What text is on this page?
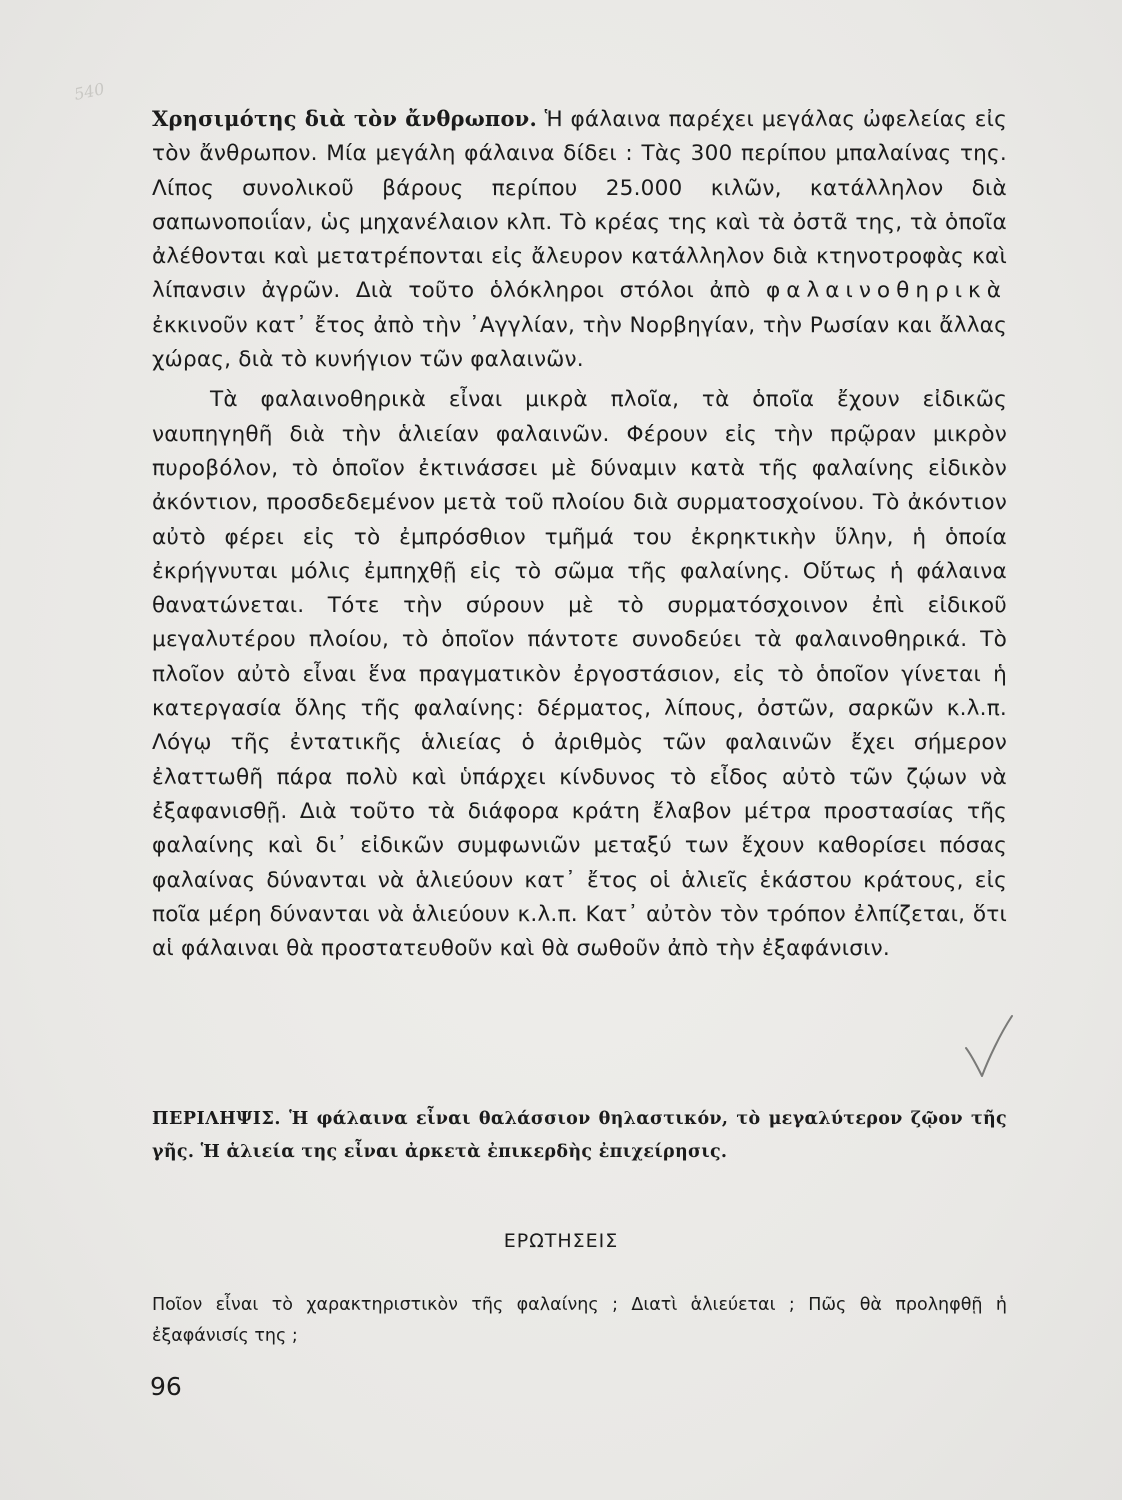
540

Χρησιμότης διὰ τὸν ἄνθρωπον. Ἡ φάλαινα παρέχει μεγάλας ὠφελείας εἰς τὸν ἄνθρωπον. Μία μεγάλη φάλαινα δίδει : Τὰς 300 περίπου μπαλαίνας της. Λίπος συνολικοῦ βάρους περίπου 25.000 κιλῶν, κατάλληλον διὰ σαπωνοποιΐαν, ὡς μηχανέλαιον κλπ. Τὸ κρέας της καὶ τὰ ὀστᾶ της, τὰ ὁποῖα ἀλέθονται καὶ μετατρέπονται εἰς ἄλευρον κατάλληλον διὰ κτηνοτροφὰς καὶ λίπανσιν ἀγρῶν. Διὰ τοῦτο ὁλόκληροι στόλοι ἀπὸ φαλαινοθηρικὰ ἐκκινοῦν κατ᾽ ἔτος ἀπὸ τὴν ᾿Αγγλίαν, τὴν Νορβηγίαν, τὴν Ρωσίαν και ἄλλας χώρας, διὰ τὸ κυνήγιον τῶν φαλαινῶν.

Τὰ φαλαινοθηρικὰ εἶναι μικρὰ πλοῖα, τὰ ὁποῖα ἔχουν εἰδικῶς ναυπηγηθῆ διὰ τὴν ἁλιείαν φαλαινῶν. Φέρουν εἰς τὴν πρῷραν μικρὸν πυροβόλον, τὸ ὁποῖον ἐκτινάσσει μὲ δύναμιν κατὰ τῆς φαλαίνης εἰδικὸν ἀκόντιον, προσδεδεμένον μετὰ τοῦ πλοίου διὰ συρματοσχοίνου. Τὸ ἀκόντιον αὐτὸ φέρει εἰς τὸ ἐμπρόσθιον τμῆμά του ἐκρηκτικὴν ὕλην, ἡ ὁποία ἐκρήγνυται μόλις ἐμπηχθῇ εἰς τὸ σῶμα τῆς φαλαίνης. Οὕτως ἡ φάλαινα θανατώνεται. Τότε τὴν σύρουν μὲ τὸ συρματόσχοινον ἐπὶ εἰδικοῦ μεγαλυτέρου πλοίου, τὸ ὁποῖον πάντοτε συνοδεύει τὰ φαλαινοθηρικά. Τὸ πλοῖον αὐτὸ εἶναι ἕνα πραγματικὸν ἐργοστάσιον, εἰς τὸ ὁποῖον γίνεται ἡ κατεργασία ὅλης τῆς φαλαίνης: δέρματος, λίπους, ὀστῶν, σαρκῶν κ.λ.π. Λόγῳ τῆς ἐντατικῆς ἁλιείας ὁ ἀριθμὸς τῶν φαλαινῶν ἔχει σήμερον ἐλαττωθῆ πάρα πολὺ καὶ ὑπάρχει κίνδυνος τὸ εἶδος αὐτὸ τῶν ζῴων νὰ ἐξαφανισθῇ. Διὰ τοῦτο τὰ διάφορα κράτη ἔλαβον μέτρα προστασίας τῆς φαλαίνης καὶ δι᾽ εἰδικῶν συμφωνιῶν μεταξύ των ἔχουν καθορίσει πόσας φαλαίνας δύνανται νὰ ἁλιεύουν κατ᾽ ἔτος οἱ ἁλιεῖς ἑκάστου κράτους, εἰς ποῖα μέρη δύνανται νὰ ἁλιεύουν κ.λ.π. Κατ᾽ αὐτὸν τὸν τρόπον ἐλπίζεται, ὅτι αἱ φάλαιναι θὰ προστατευθοῦν καὶ θὰ σωθοῦν ἀπὸ τὴν ἐξαφάνισιν.

ΠΕΡΙΛΗΨΙΣ. Ἡ φάλαινα εἶναι θαλάσσιον θηλαστικόν, τὸ μεγαλύτερον ζῷον τῆς γῆς. Ἡ ἁλιεία της εἶναι ἀρκετὰ ἐπικερδὴς ἐπιχείρησις.

ΕΡΩΤΗΣΕΙΣ

Ποῖον εἶναι τὸ χαρακτηριστικὸν τῆς φαλαίνης ; Διατὶ ἁλιεύεται ; Πῶς θὰ προληφθῇ ἡ ἐξαφάνισίς της ;

96
